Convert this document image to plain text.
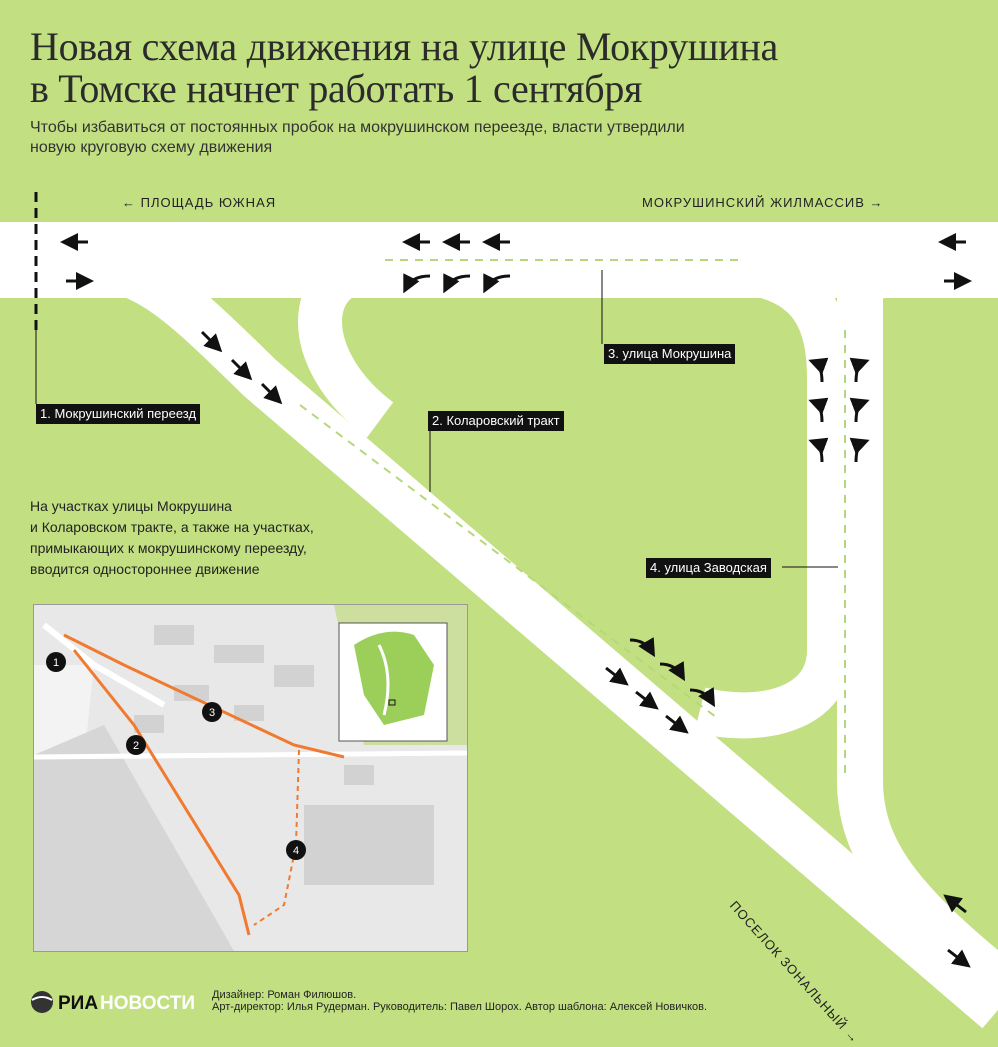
Новая схема движения на улице Мокрушина
в Томске начнет работать 1 сентября
Чтобы избавиться от постоянных пробок на мокрушинском переезде, власти утвердили
новую круговую схему движения
← ПЛОЩАДЬ ЮЖНАЯ	МОКРУШИНСКИЙ ЖИЛМАССИВ →
ПОСЕЛОК ЗОНАЛЬНЫЙ →
1. Мокрушинский переезд	2. Коларовский тракт
3. улица Мокрушина
4. улица Заводская
На участках улицы Мокрушина
и Коларовском тракте, а также на участках,
примыкающих к мокрушинскому переезду,
вводится одностороннее движение
1
2
3
4
РИА НОВОСТИ Дизайнер: Роман Филюшов.
Арт-директор: Илья Рудерман. Руководитель: Павел Шорох. Автор шаблона: Алексей Новичков.
